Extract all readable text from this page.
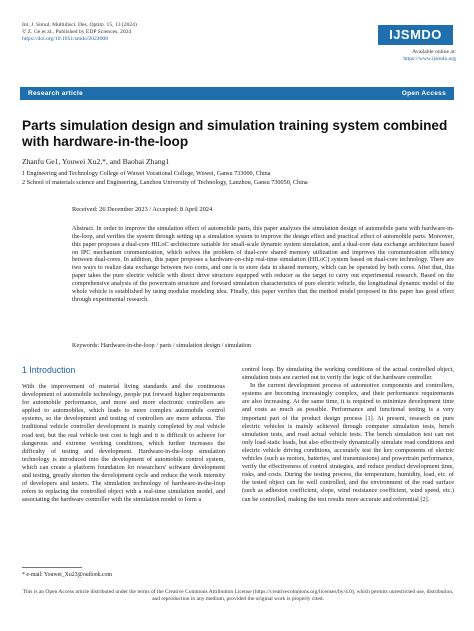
Int. J. Simul. Multidisci. Des. Optim. 15, 13 (2024)
© Z. Ge et al., Published by EDP Sciences, 2024
https://doi.org/10.1051/smdo/2024008	IJSMDO
Available online at:
https://www.ijsmdo.org
Research article	Open Access
Parts simulation design and simulation training system combined with hardware-in-the-loop
Zhanfu Ge1, Youwei Xu2,*, and Baohai Zhang1
1 Engineering and Technology College of Wuwei Vocational College, Wuwei, Gansu 733000, China
2 School of materials science and Engineering, Lanzhou University of Technology, Lanzhou, Gansu 730050, China
Received: 26 December 2023 / Accepted: 8 April 2024
Abstract. In order to improve the simulation effect of automobile parts, this paper analyzes the simulation design of automobile parts with hardware-in-the-loop, and verifies the system through setting up a simulation system to improve the design effect and practical effect of automobile parts. Moreover, this paper proposes a dual-core HILoC architecture suitable for small-scale dynamic system simulation, and a dual-core data exchange architecture based on IPC mechanism communication, which solves the problem of dual-core shared memory utilization and improves the communication efficiency between dual-cores. In addition, this paper proposes a hardware-on-chip real-time simulation (HILoC) system based on dual-core technology. There are two ways to realize data exchange between two cores, and one is to store data in shared memory, which can be operated by both cores. After that, this paper takes the pure electric vehicle with direct drive structure equipped with reducer as the target to carry out experimental research. Based on the comprehensive analysis of the powertrain structure and forward simulation characteristics of pure electric vehicle, the longitudinal dynamic model of the whole vehicle is established by using modular modeling idea. Finally, this paper verifies that the method model proposed in this paper has good effect through experimental research.
Keywords: Hardware-in-the-loop / parts / simulation design / simulation
1 Introduction
With the improvement of material living standards and the continuous development of automobile technology, people put forward higher requirements for automobile performance, and more and more electronic controllers are applied to automobiles, which leads to more complex automobile control systems, so the development and testing of controllers are more arduous. The traditional vehicle controller development is mainly completed by real vehicle road test, but the real vehicle test cost is high and it is difficult to achieve for dangerous and extreme working conditions, which further increases the difficulty of testing and development. Hardware-in-the-loop simulation technology is introduced into the development of automobile control system, which can create a platform foundation for researchers' software development and testing, greatly shorten the development cycle and reduce the work intensity of developers and testers. The simulation technology of hardware-in-the-loop refers to replacing the controlled object with a real-time simulation model, and associating the hardware controller with the simulation model to form a

control loop. By simulating the working conditions of the actual controlled object, simulation tests are carried out to verify the logic of the hardware controller.

In the current development process of automotive components and controllers, systems are becoming increasingly complex, and their performance requirements are also increasing. At the same time, it is required to minimize development time and costs as much as possible. Performance and functional testing is a very important part of the product design process [1]. At present, research on pure electric vehicles is mainly achieved through computer simulation tests, bench simulation tests, and road actual vehicle tests. The bench simulation test can not only load static loads, but also effectively dynamically simulate road conditions and electric vehicle driving conditions, accurately test the key components of electric vehicles (such as motors, batteries, and transmissions) and powertrain performance, verify the effectiveness of control strategies, and reduce product development time, risks, and costs. During the testing process, the temperature, humidity, load, etc. of the tested object can be well controlled, and the environment of the road surface (such as adhesion coefficient, slope, wind resistance coefficient, wind speed, etc.) can be controlled, making the test results more accurate and referential [2].

* e-mail: Youwei_Xu23@outlook.com
This is an Open Access article distributed under the terms of the Creative Commons Attribution License (https://creativecommons.org/licenses/by/4.0), which permits unrestricted use, distribution, and reproduction in any medium, provided the original work is properly cited.
